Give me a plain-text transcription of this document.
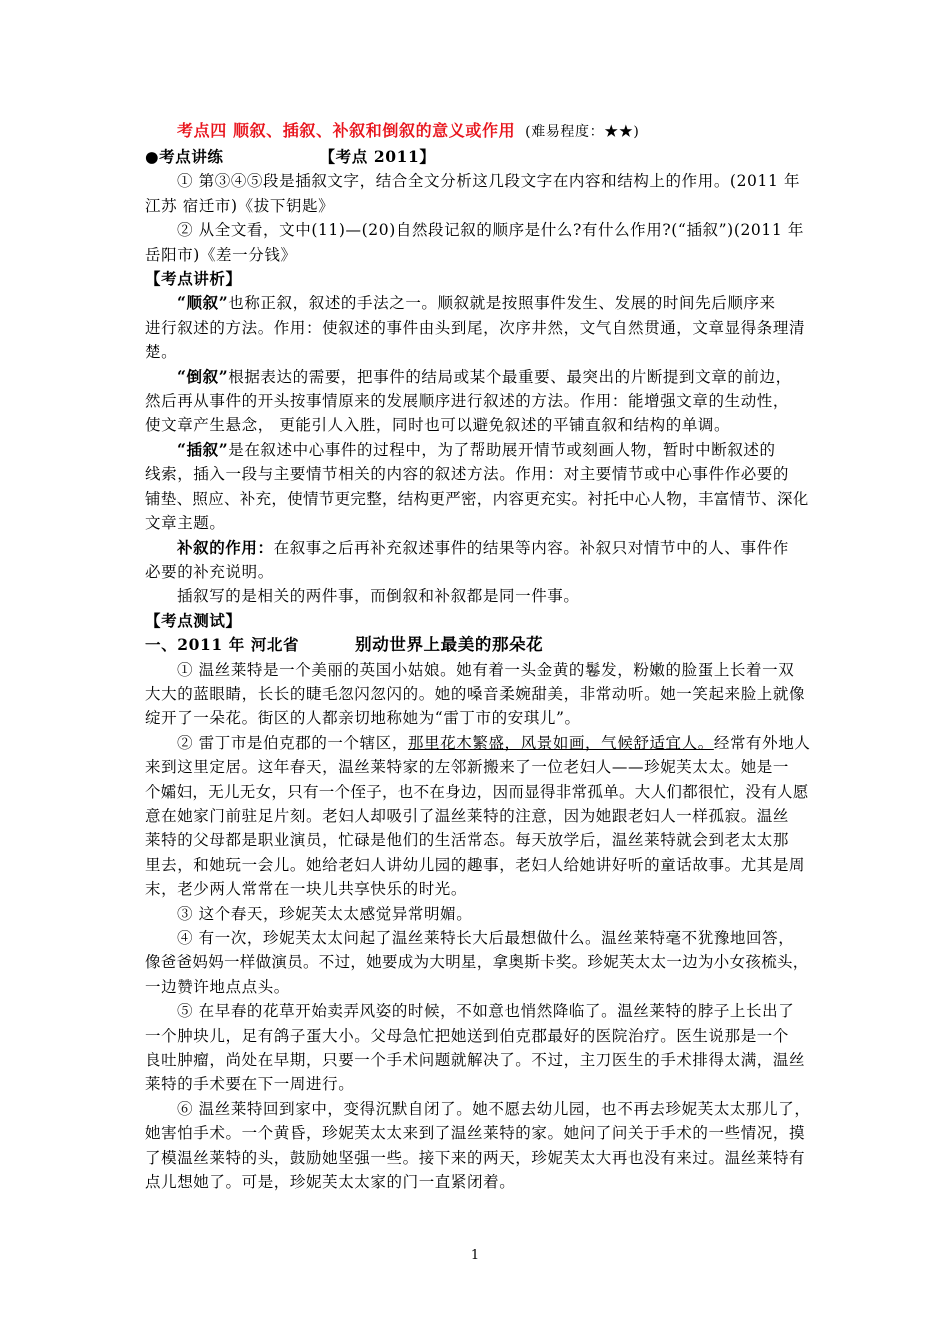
考点四 顺叙、插叙、补叙和倒叙的意义或作用 (难易程度：★★)
●考点讲练	【考点 2011】
① 第③④⑤段是插叙文字，结合全文分析这几段文字在内容和结构上的作用。(2011 年
江苏 宿迁市)《拔下钥匙》
② 从全文看，文中(11)—(20)自然段记叙的顺序是什么?有什么作用?(“插叙”)(2011 年
岳阳市)《差一分钱》
【考点讲析】
“顺叙”也称正叙，叙述的手法之一。顺叙就是按照事件发生、发展的时间先后顺序来
进行叙述的方法。作用：使叙述的事件由头到尾，次序井然，文气自然贯通，文章显得条理清
楚。
“倒叙”根据表达的需要，把事件的结局或某个最重要、最突出的片断提到文章的前边，
然后再从事件的开头按事情原来的发展顺序进行叙述的方法。作用：能增强文章的生动性，
使文章产生悬念， 更能引人入胜，同时也可以避免叙述的平铺直叙和结构的单调。
“插叙”是在叙述中心事件的过程中，为了帮助展开情节或刻画人物，暂时中断叙述的
线索，插入一段与主要情节相关的内容的叙述方法。作用：对主要情节或中心事件作必要的
铺垫、照应、补充，使情节更完整，结构更严密，内容更充实。衬托中心人物，丰富情节、深化
文章主题。
补叙的作用：在叙事之后再补充叙述事件的结果等内容。补叙只对情节中的人、事件作
必要的补充说明。
插叙写的是相关的两件事，而倒叙和补叙都是同一件事。
【考点测试】
一、2011 年 河北省	别动世界上最美的那朵花
① 温丝莱特是一个美丽的英国小姑娘。她有着一头金黄的鬈发，粉嫩的脸蛋上长着一双
大大的蓝眼睛，长长的睫毛忽闪忽闪的。她的嗓音柔婉甜美，非常动听。她一笑起来脸上就像
绽开了一朵花。街区的人都亲切地称她为“雷丁市的安琪儿”。
② 雷丁市是伯克郡的一个辖区，那里花木繁盛，风景如画，气候舒适宜人。经常有外地人
来到这里定居。这年春天，温丝莱特家的左邻新搬来了一位老妇人——珍妮芙太太。她是一
个孀妇，无儿无女，只有一个侄子，也不在身边，因而显得非常孤单。大人们都很忙，没有人愿
意在她家门前驻足片刻。老妇人却吸引了温丝莱特的注意，因为她跟老妇人一样孤寂。温丝
莱特的父母都是职业演员，忙碌是他们的生活常态。每天放学后，温丝莱特就会到老太太那
里去，和她玩一会儿。她给老妇人讲幼儿园的趣事，老妇人给她讲好听的童话故事。尤其是周
末，老少两人常常在一块儿共享快乐的时光。
③ 这个春天，珍妮芙太太感觉异常明媚。
④ 有一次，珍妮芙太太问起了温丝莱特长大后最想做什么。温丝莱特毫不犹豫地回答，
像爸爸妈妈一样做演员。不过，她要成为大明星，拿奥斯卡奖。珍妮芙太太一边为小女孩梳头，
一边赞许地点点头。
⑤ 在早春的花草开始卖弄风姿的时候，不如意也悄然降临了。温丝莱特的脖子上长出了
一个肿块儿，足有鸽子蛋大小。父母急忙把她送到伯克郡最好的医院治疗。医生说那是一个
良吐肿瘤，尚处在早期，只要一个手术问题就解决了。不过，主刀医生的手术排得太满，温丝
莱特的手术要在下一周进行。
⑥ 温丝莱特回到家中，变得沉默自闭了。她不愿去幼儿园，也不再去珍妮芙太太那儿了，
她害怕手术。一个黄昏，珍妮芙太太来到了温丝莱特的家。她问了问关于手术的一些情况，摸
了模温丝莱特的头，鼓励她坚强一些。接下来的两天，珍妮芙太大再也没有来过。温丝莱特有
点儿想她了。可是，珍妮芙太太家的门一直紧闭着。
1
